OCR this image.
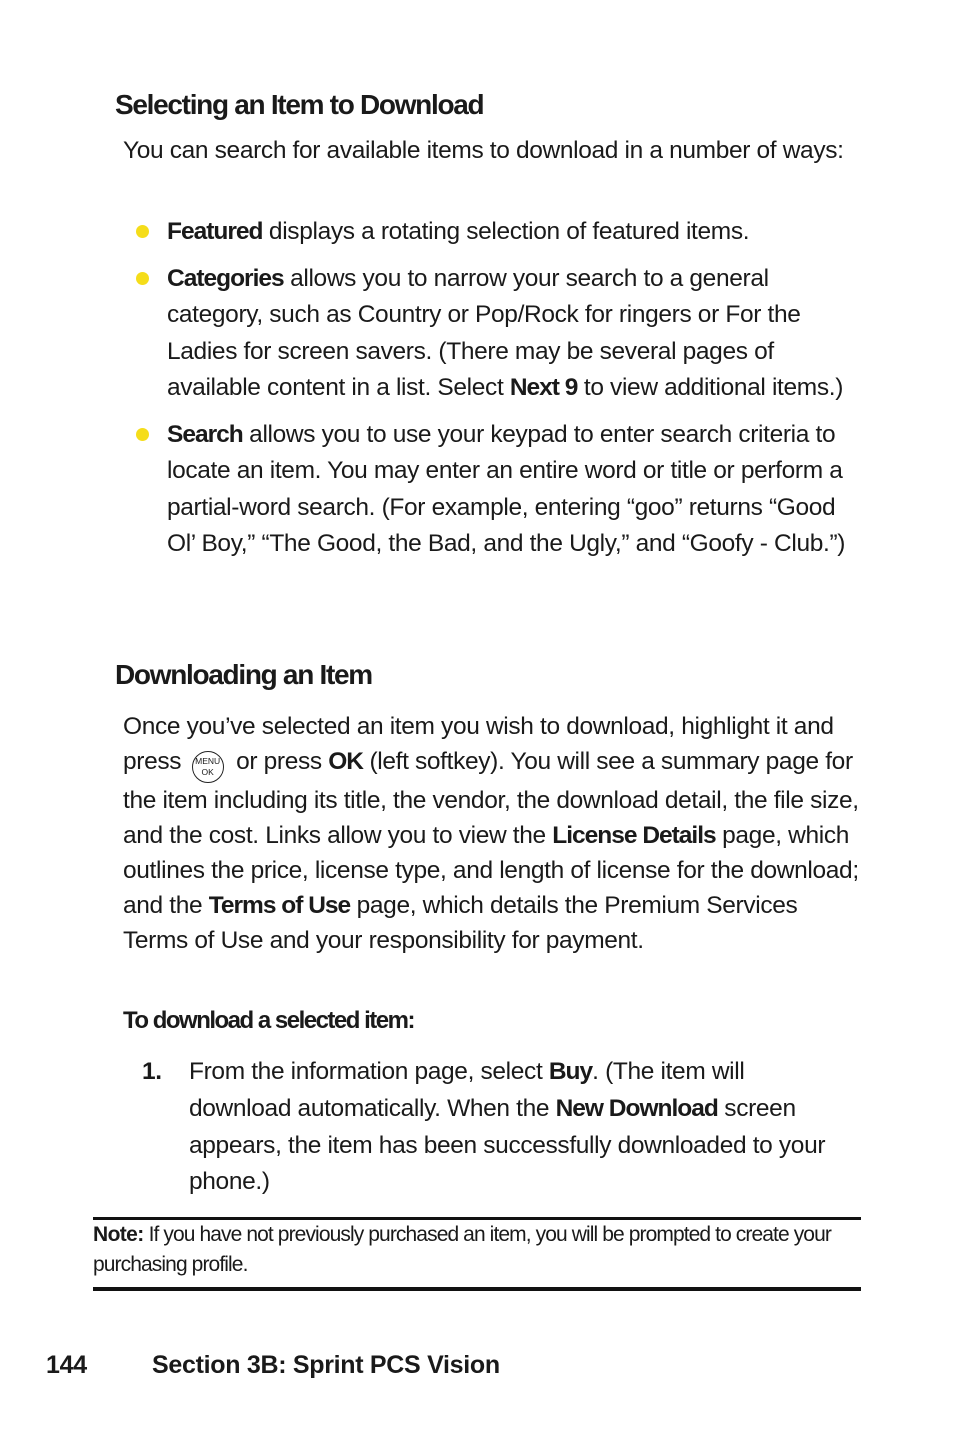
Selecting an Item to Download

You can search for available items to download in a number of ways:

Featured displays a rotating selection of featured items.
Categories allows you to narrow your search to a general category, such as Country or Pop/Rock for ringers or For the Ladies for screen savers. (There may be several pages of available content in a list. Select Next 9 to view additional items.)
Search allows you to use your keypad to enter search criteria to locate an item. You may enter an entire word or title or perform a partial-word search. (For example, entering “goo” returns “Good Ol’ Boy,” “The Good, the Bad, and the Ugly,” and “Goofy - Club.”)
Downloading an Item

Once you’ve selected an item you wish to download, highlight it and press MENU
OK or press OK (left softkey). You will see a summary page for the item including its title, the vendor, the download detail, the file size, and the cost. Links allow you to view the License Details page, which outlines the price, license type, and length of license for the download; and the Terms of Use page, which details the Premium Services Terms of Use and your responsibility for payment.

To download a selected item:
1. From the information page, select Buy. (The item will download automatically. When the New Download screen appears, the item has been successfully downloaded to your phone.)

Note: If you have not previously purchased an item, you will be prompted to create your purchasing profile.

144	Section 3B: Sprint PCS Vision
